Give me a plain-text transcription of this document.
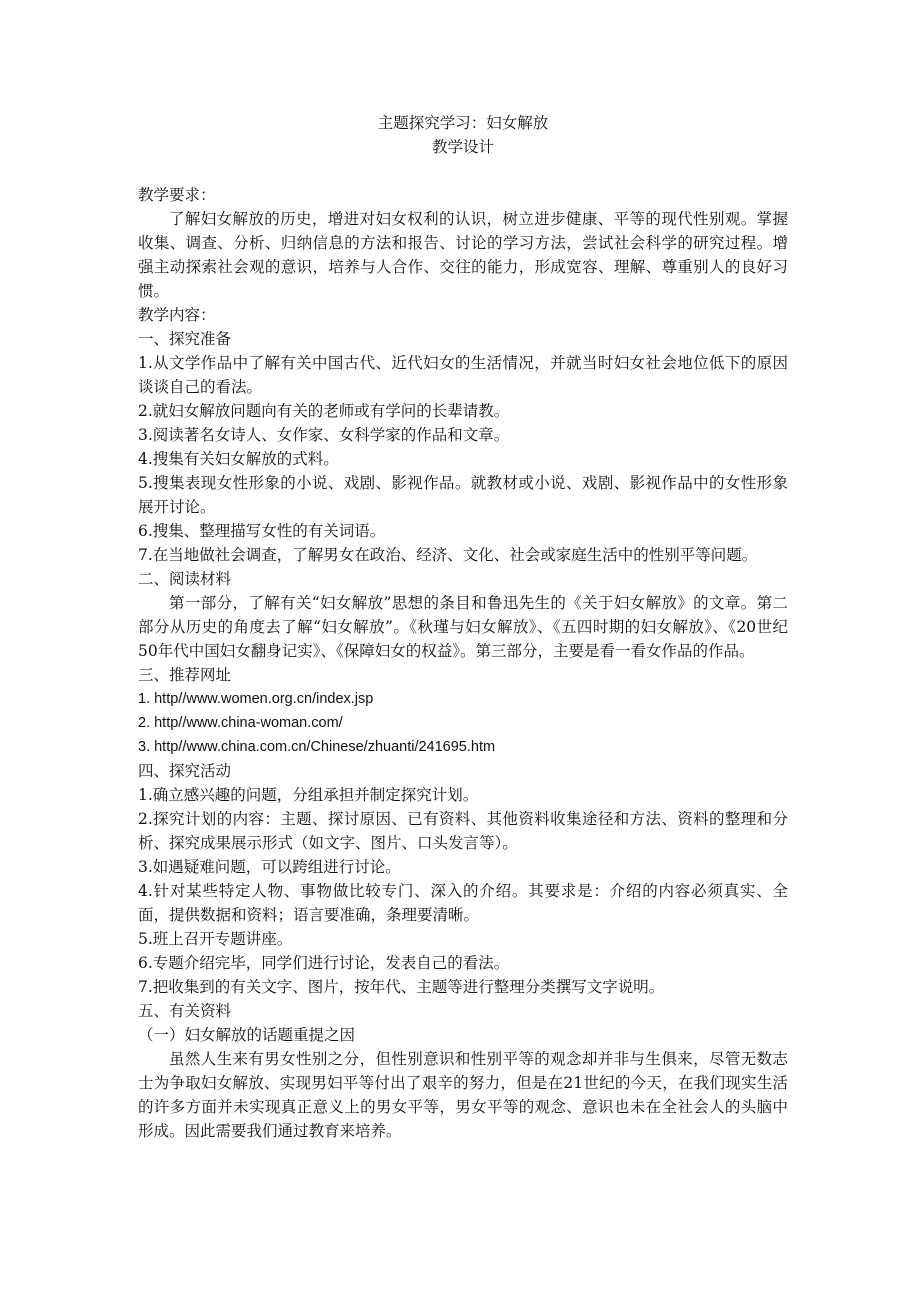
主题探究学习：妇女解放
教学设计

教学要求：

了解妇女解放的历史，增进对妇女权利的认识，树立进步健康、平等的现代性别观。掌握收集、调查、分析、归纳信息的方法和报告、讨论的学习方法，尝试社会科学的研究过程。增强主动探索社会观的意识，培养与人合作、交往的能力，形成宽容、理解、尊重别人的良好习惯。

教学内容：

一、探究准备

1.从文学作品中了解有关中国古代、近代妇女的生活情况，并就当时妇女社会地位低下的原因谈谈自己的看法。

2.就妇女解放问题向有关的老师或有学问的长辈请教。

3.阅读著名女诗人、女作家、女科学家的作品和文章。

4.搜集有关妇女解放的式料。

5.搜集表现女性形象的小说、戏剧、影视作品。就教材或小说、戏剧、影视作品中的女性形象展开讨论。

6.搜集、整理描写女性的有关词语。

7.在当地做社会调查，了解男女在政治、经济、文化、社会或家庭生活中的性别平等问题。

二、阅读材料

第一部分，了解有关“妇女解放”思想的条目和鲁迅先生的《关于妇女解放》的文章。第二部分从历史的角度去了解“妇女解放”。《秋瑾与妇女解放》、《五四时期的妇女解放》、《20世纪50年代中国妇女翻身记实》、《保障妇女的权益》。第三部分，主要是看一看女作品的作品。

三、推荐网址

1. http//www.women.org.cn/index.jsp

2. http//www.china-woman.com/

3. http//www.china.com.cn/Chinese/zhuanti/241695.htm

四、探究活动

1.确立感兴趣的问题，分组承担并制定探究计划。

2.探究计划的内容：主题、探讨原因、已有资料、其他资料收集途径和方法、资料的整理和分析、探究成果展示形式（如文字、图片、口头发言等）。

3.如遇疑难问题，可以跨组进行讨论。

4.针对某些特定人物、事物做比较专门、深入的介绍。其要求是：介绍的内容必须真实、全面，提供数据和资料；语言要准确，条理要清晰。

5.班上召开专题讲座。

6.专题介绍完毕，同学们进行讨论，发表自己的看法。

7.把收集到的有关文字、图片，按年代、主题等进行整理分类撰写文字说明。

五、有关资料

（一）妇女解放的话题重提之因

虽然人生来有男女性别之分，但性别意识和性别平等的观念却并非与生俱来，尽管无数志士为争取妇女解放、实现男妇平等付出了艰辛的努力，但是在21世纪的今天，在我们现实生活的许多方面并未实现真正意义上的男女平等，男女平等的观念、意识也未在全社会人的头脑中形成。因此需要我们通过教育来培养。
